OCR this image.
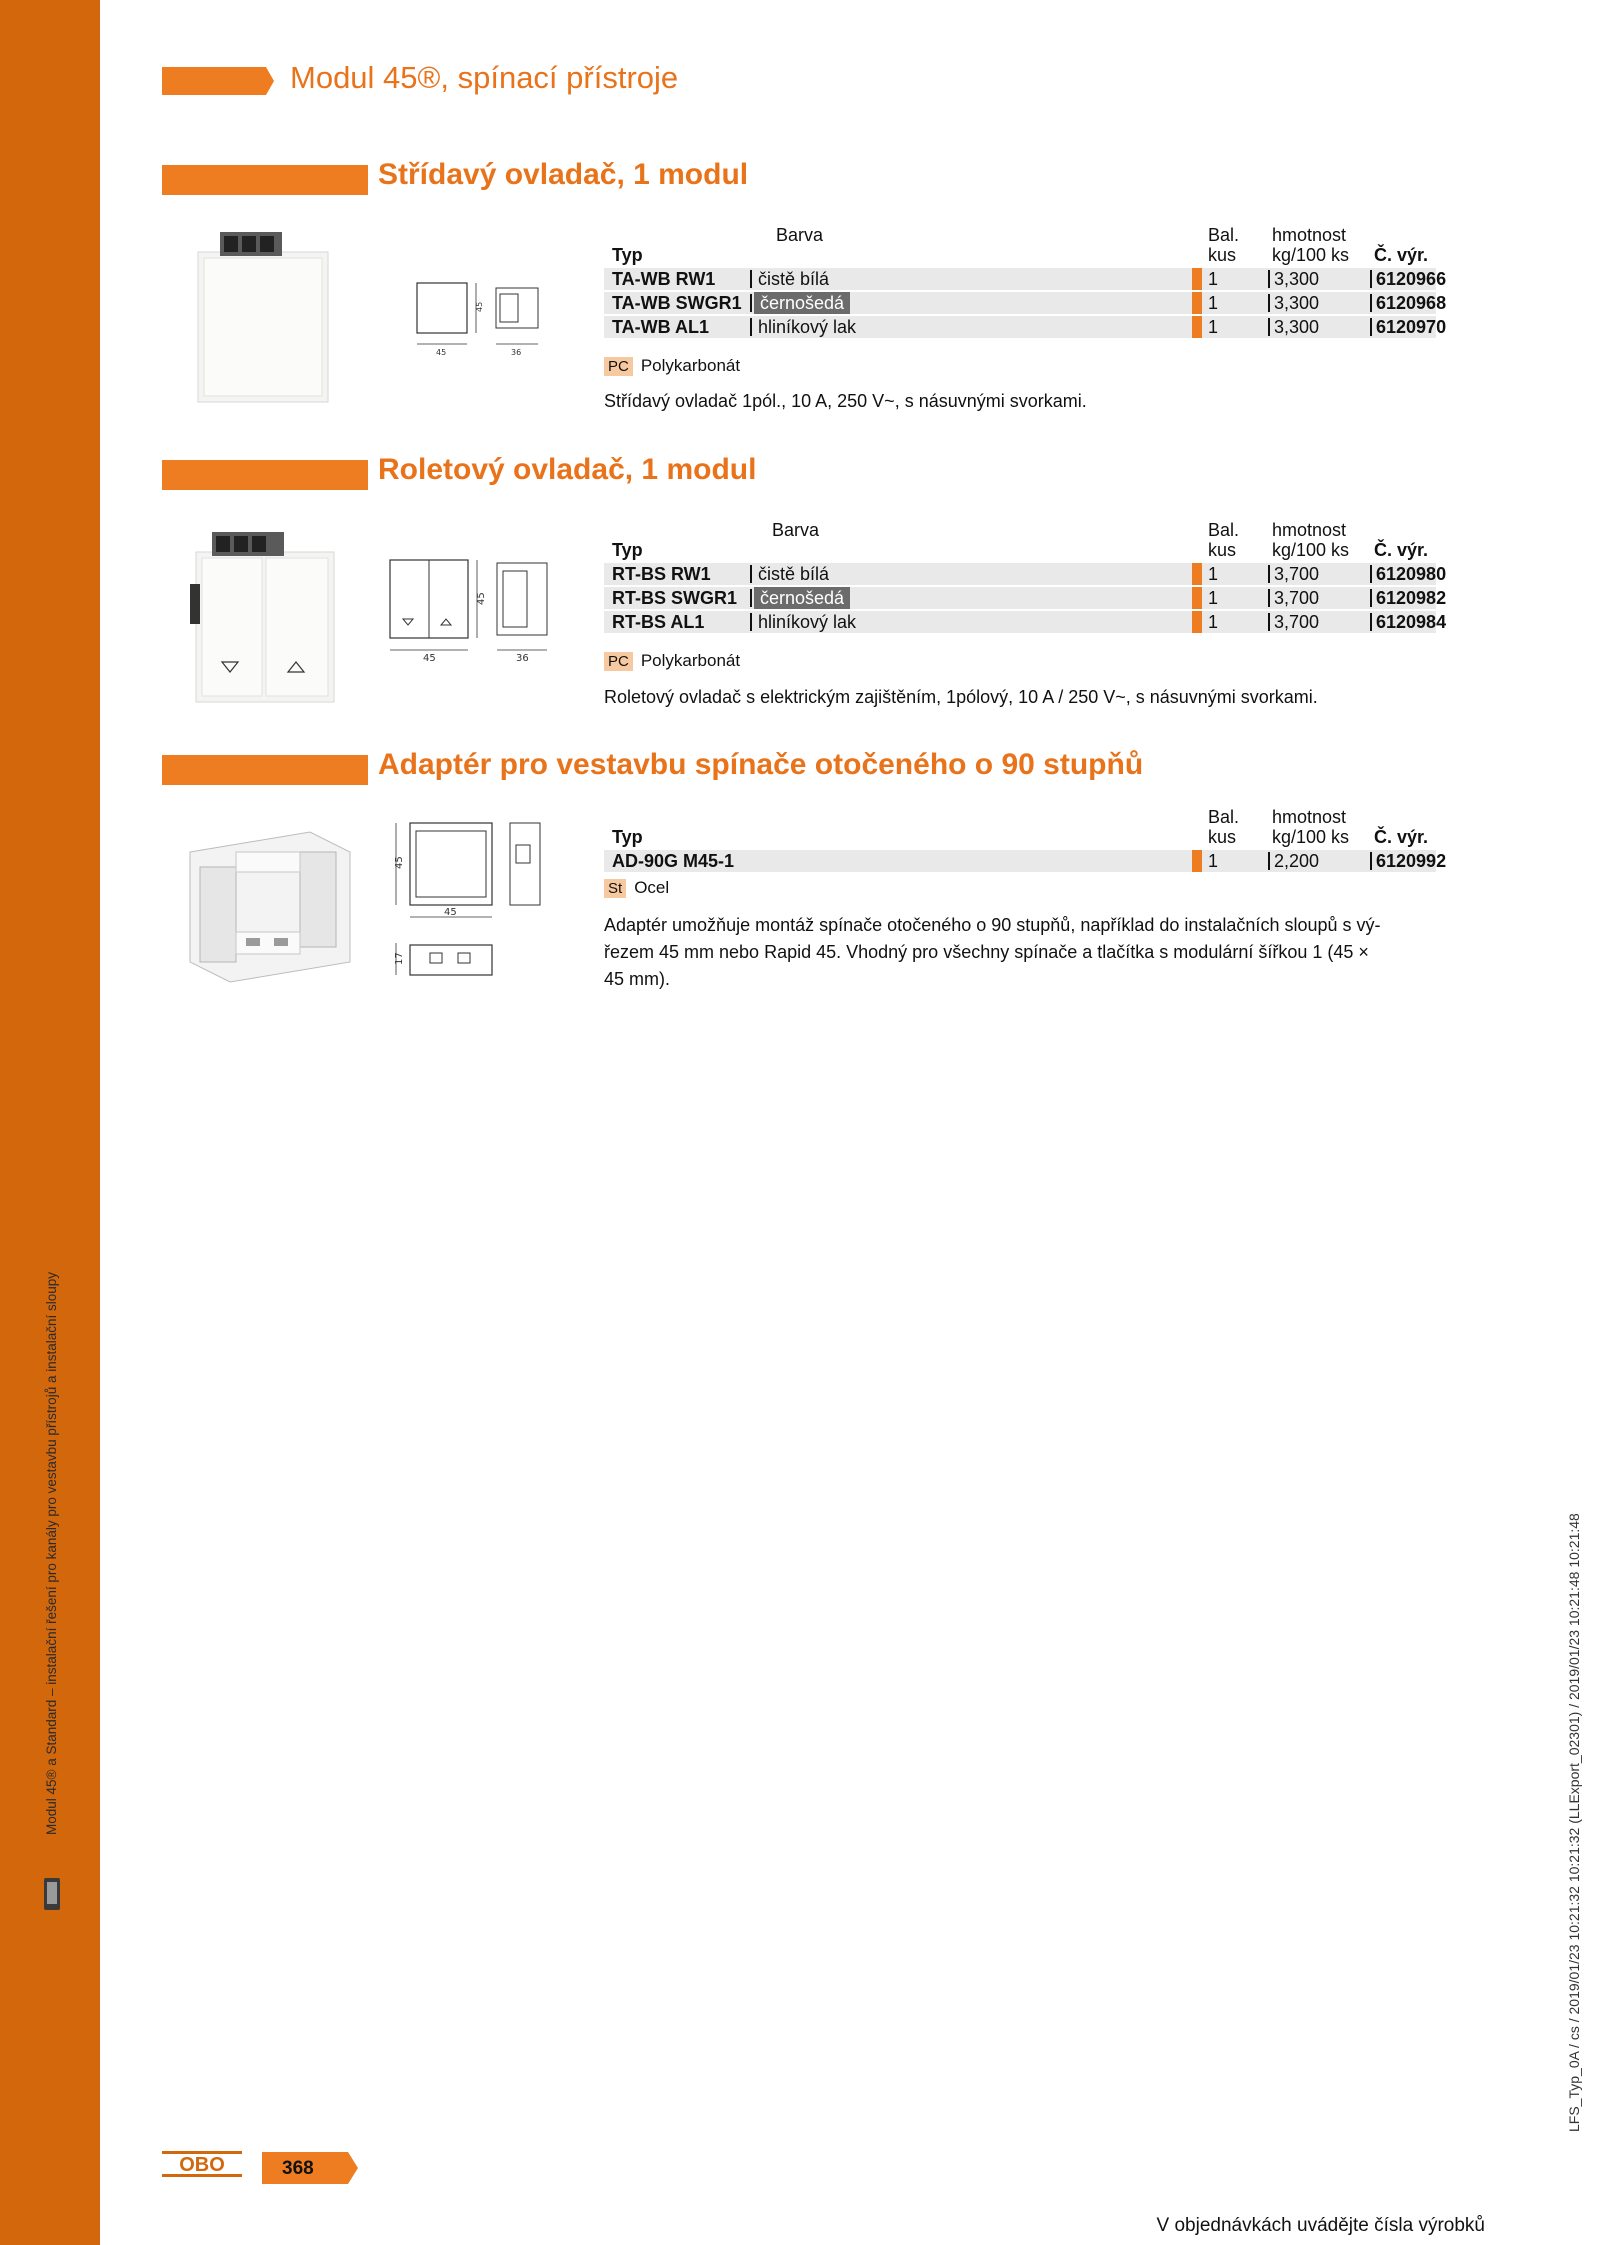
Modul 45® a Standard – instalační řešení pro kanály pro vestavbu přístrojů a instalační sloupy
Modul 45®, spínací přístroje
Střídavý ovladač, 1 modul
45
45
36
Barva	Bal. hmotnost
Typ	kus kg/100 ks Č. výr.
TA-WB RW1 čistě bílá	1	3,300	6120966
TA-WB SWGR1	černošedá	1	3,300	6120968
TA-WB AL1	hliníkový lak	1	3,300	6120970
PC Polykarbonát
Střídavý ovladač 1pól., 10 A, 250 V~, s násuvnými svorkami.
Roletový ovladač, 1 modul
45
45
36
Barva	Bal. hmotnost
Typ	kus kg/100 ks Č. výr.
RT-BS RW1	čistě bílá	1	3,700	6120980
RT-BS SWGR1	černošedá	1	3,700	6120982
RT-BS AL1	hliníkový lak	1	3,700	6120984
PC Polykarbonát
Roletový ovladač s elektrickým zajištěním, 1pólový, 10 A / 250 V~, s násuvnými svorkami.
Adaptér pro vestavbu spínače otočeného o 90 stupňů
45
45
17
Bal. hmotnost
Typ	kus kg/100 ks Č. výr.
AD-90G M45-1	1	2,200	6120992
St Ocel
Adaptér umožňuje montáž spínače otočeného o 90 stupňů, například do instalačních sloupů s vý-
řezem 45 mm nebo Rapid 45. Vhodný pro všechny spínače a tlačítka s modulární šířkou 1 (45 ×
45 mm).
LFS_Typ_0A / cs / 2019/01/23 10:21:32 10:21:32 (LLExport_02301) / 2019/01/23 10:21:48 10:21:48
OBO	368
V objednávkách uvádějte čísla výrobků
